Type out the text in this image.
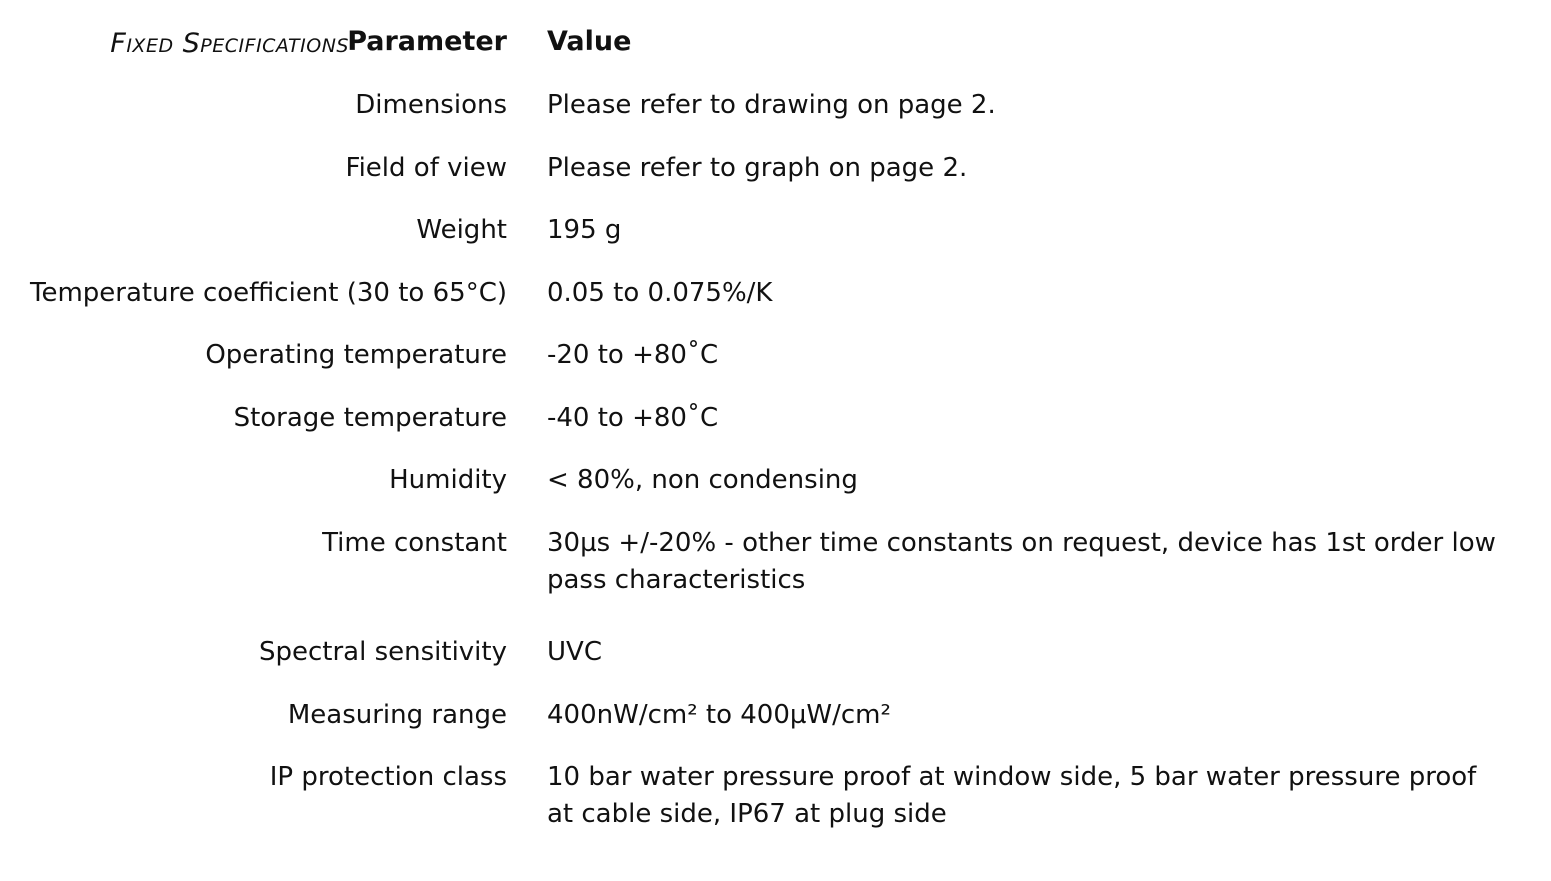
Fixed Specifications
Parameter Value
Dimensions Please refer to drawing on page 2.
Field of view Please refer to graph on page 2.
Weight 195 g
Temperature coefficient (30 to 65°C) 0.05 to 0.075%/K
Operating temperature -20 to +80˚C
Storage temperature -40 to +80˚C
Humidity < 80%, non condensing
Time constant 30µs +/-20% - other time constants on request, device has 1st order low pass characteristics
Spectral sensitivity UVC
Measuring range 400nW/cm² to 400µW/cm²
IP protection class 10 bar water pressure proof at window side, 5 bar water pressure proof at cable side, IP67 at plug side
